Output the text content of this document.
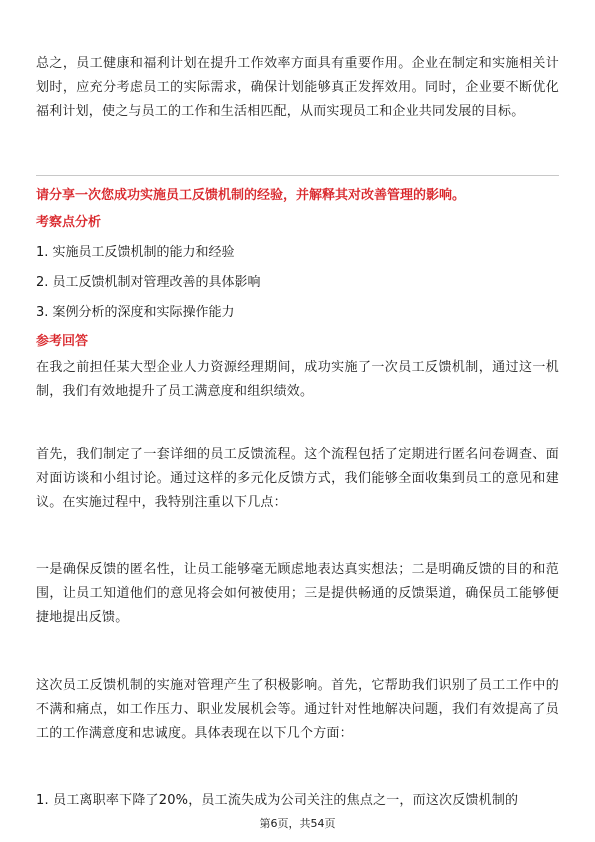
总之，员工健康和福利计划在提升工作效率方面具有重要作用。企业在制定和实施相关计划时，应充分考虑员工的实际需求，确保计划能够真正发挥效用。同时，企业要不断优化福利计划，使之与员工的工作和生活相匹配，从而实现员工和企业共同发展的目标。

请分享一次您成功实施员工反馈机制的经验，并解释其对改善管理的影响。
考察点分析
1. 实施员工反馈机制的能力和经验
2. 员工反馈机制对管理改善的具体影响
3. 案例分析的深度和实际操作能力
参考回答

在我之前担任某大型企业人力资源经理期间，成功实施了一次员工反馈机制，通过这一机制，我们有效地提升了员工满意度和组织绩效。

首先，我们制定了一套详细的员工反馈流程。这个流程包括了定期进行匿名问卷调查、面对面访谈和小组讨论。通过这样的多元化反馈方式，我们能够全面收集到员工的意见和建议。在实施过程中，我特别注重以下几点：

一是确保反馈的匿名性，让员工能够毫无顾虑地表达真实想法；二是明确反馈的目的和范围，让员工知道他们的意见将会如何被使用；三是提供畅通的反馈渠道，确保员工能够便捷地提出反馈。

这次员工反馈机制的实施对管理产生了积极影响。首先，它帮助我们识别了员工工作中的不满和痛点，如工作压力、职业发展机会等。通过针对性地解决问题，我们有效提高了员工的工作满意度和忠诚度。具体表现在以下几个方面：

1. 员工离职率下降了20%，员工流失成为公司关注的焦点之一，而这次反馈机制的

第6页，共54页
